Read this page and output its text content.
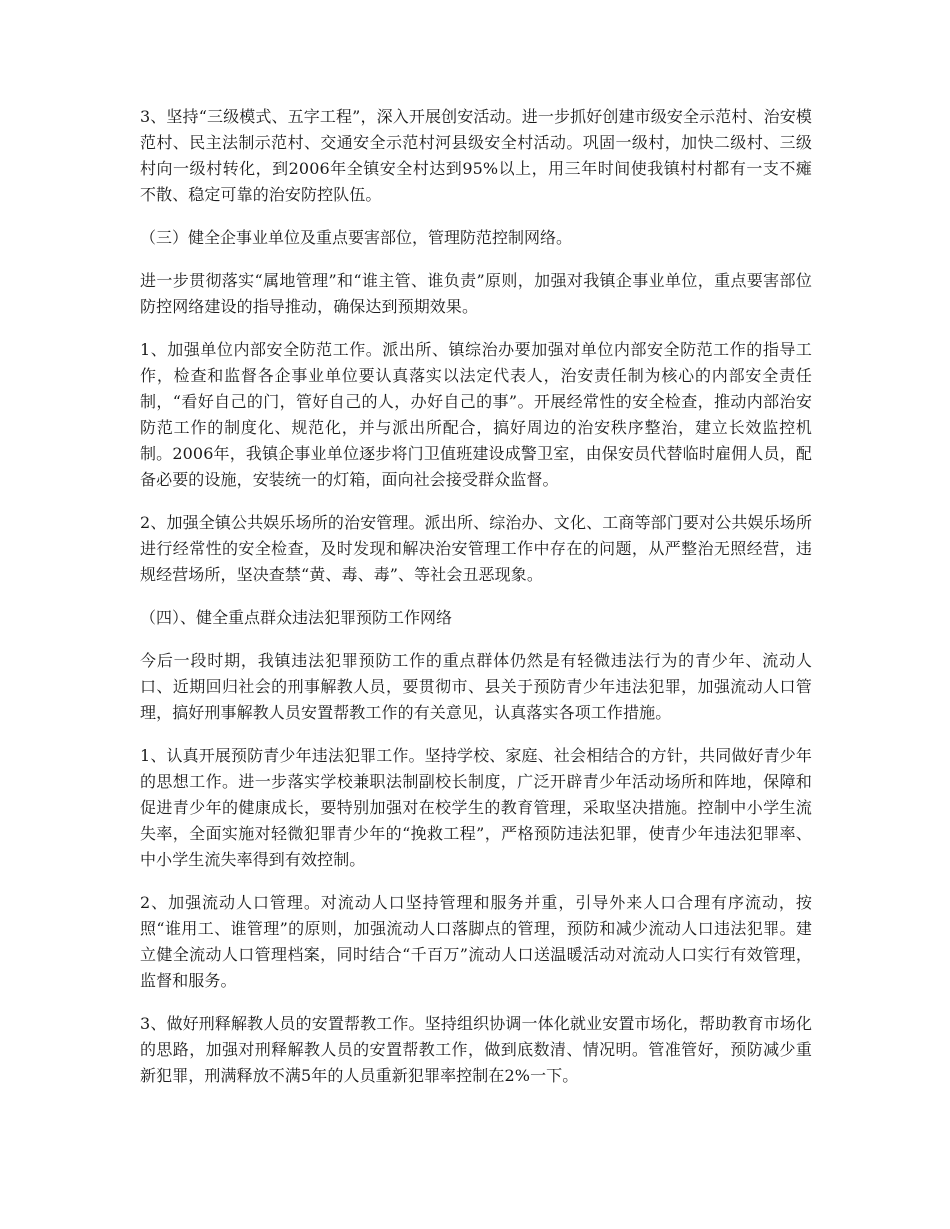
3、坚持“三级模式、五字工程”，深入开展创安活动。进一步抓好创建市级安全示范村、治安模范村、民主法制示范村、交通安全示范村河县级安全村活动。巩固一级村，加快二级村、三级村向一级村转化，到2006年全镇安全村达到95%以上，用三年时间使我镇村村都有一支不瘫不散、稳定可靠的治安防控队伍。

（三）健全企事业单位及重点要害部位，管理防范控制网络。

进一步贯彻落实“属地管理”和“谁主管、谁负责”原则，加强对我镇企事业单位，重点要害部位防控网络建设的指导推动，确保达到预期效果。

1、加强单位内部安全防范工作。派出所、镇综治办要加强对单位内部安全防范工作的指导工作，检查和监督各企事业单位要认真落实以法定代表人，治安责任制为核心的内部安全责任制，“看好自己的门，管好自己的人，办好自己的事”。开展经常性的安全检查，推动内部治安防范工作的制度化、规范化，并与派出所配合，搞好周边的治安秩序整治，建立长效监控机制。2006年，我镇企事业单位逐步将门卫值班建设成警卫室，由保安员代替临时雇佣人员，配备必要的设施，安装统一的灯箱，面向社会接受群众监督。

2、加强全镇公共娱乐场所的治安管理。派出所、综治办、文化、工商等部门要对公共娱乐场所进行经常性的安全检查，及时发现和解决治安管理工作中存在的问题，从严整治无照经营，违规经营场所，坚决查禁“黄、毒、毒”、等社会丑恶现象。

（四）、健全重点群众违法犯罪预防工作网络

今后一段时期，我镇违法犯罪预防工作的重点群体仍然是有轻微违法行为的青少年、流动人口、近期回归社会的刑事解教人员，要贯彻市、县关于预防青少年违法犯罪，加强流动人口管理，搞好刑事解教人员安置帮教工作的有关意见，认真落实各项工作措施。

1、认真开展预防青少年违法犯罪工作。坚持学校、家庭、社会相结合的方针，共同做好青少年的思想工作。进一步落实学校兼职法制副校长制度，广泛开辟青少年活动场所和阵地，保障和促进青少年的健康成长，要特别加强对在校学生的教育管理，采取坚决措施。控制中小学生流失率，全面实施对轻微犯罪青少年的“挽救工程”，严格预防违法犯罪，使青少年违法犯罪率、中小学生流失率得到有效控制。

2、加强流动人口管理。对流动人口坚持管理和服务并重，引导外来人口合理有序流动，按照“谁用工、谁管理”的原则，加强流动人口落脚点的管理，预防和减少流动人口违法犯罪。建立健全流动人口管理档案，同时结合“千百万”流动人口送温暖活动对流动人口实行有效管理，监督和服务。

3、做好刑释解教人员的安置帮教工作。坚持组织协调一体化就业安置市场化，帮助教育市场化的思路，加强对刑释解教人员的安置帮教工作，做到底数清、情况明。管准管好，预防减少重新犯罪，刑满释放不满5年的人员重新犯罪率控制在2%一下。
